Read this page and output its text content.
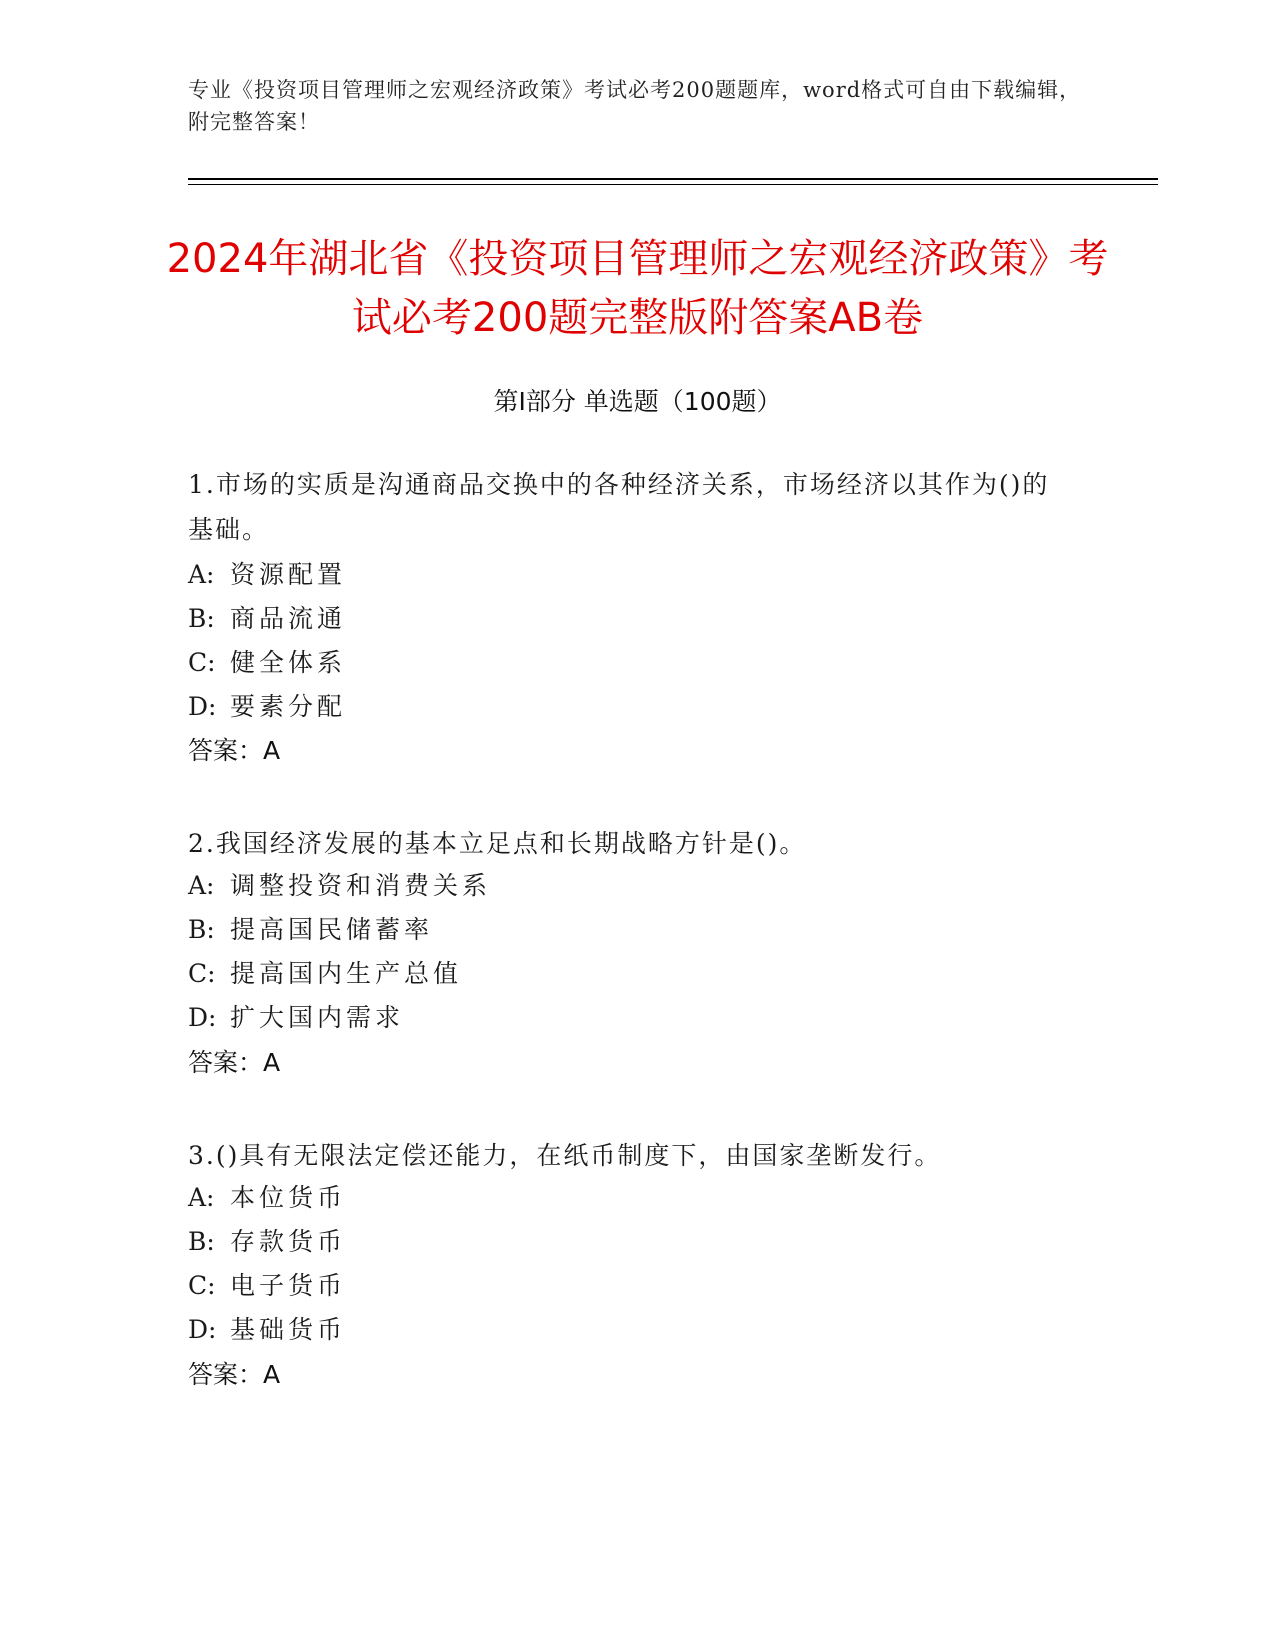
专业《投资项目管理师之宏观经济政策》考试必考200题题库，word格式可自由下载编辑，附完整答案！
2024年湖北省《投资项目管理师之宏观经济政策》考试必考200题完整版附答案AB卷
第Ⅰ部分 单选题（100题）
1.市场的实质是沟通商品交换中的各种经济关系，市场经济以其作为()的基础。
A: 资源配置
B: 商品流通
C: 健全体系
D: 要素分配
答案：A
2.我国经济发展的基本立足点和长期战略方针是()。
A: 调整投资和消费关系
B: 提高国民储蓄率
C: 提高国内生产总值
D: 扩大国内需求
答案：A
3.()具有无限法定偿还能力，在纸币制度下，由国家垄断发行。
A: 本位货币
B: 存款货币
C: 电子货币
D: 基础货币
答案：A
